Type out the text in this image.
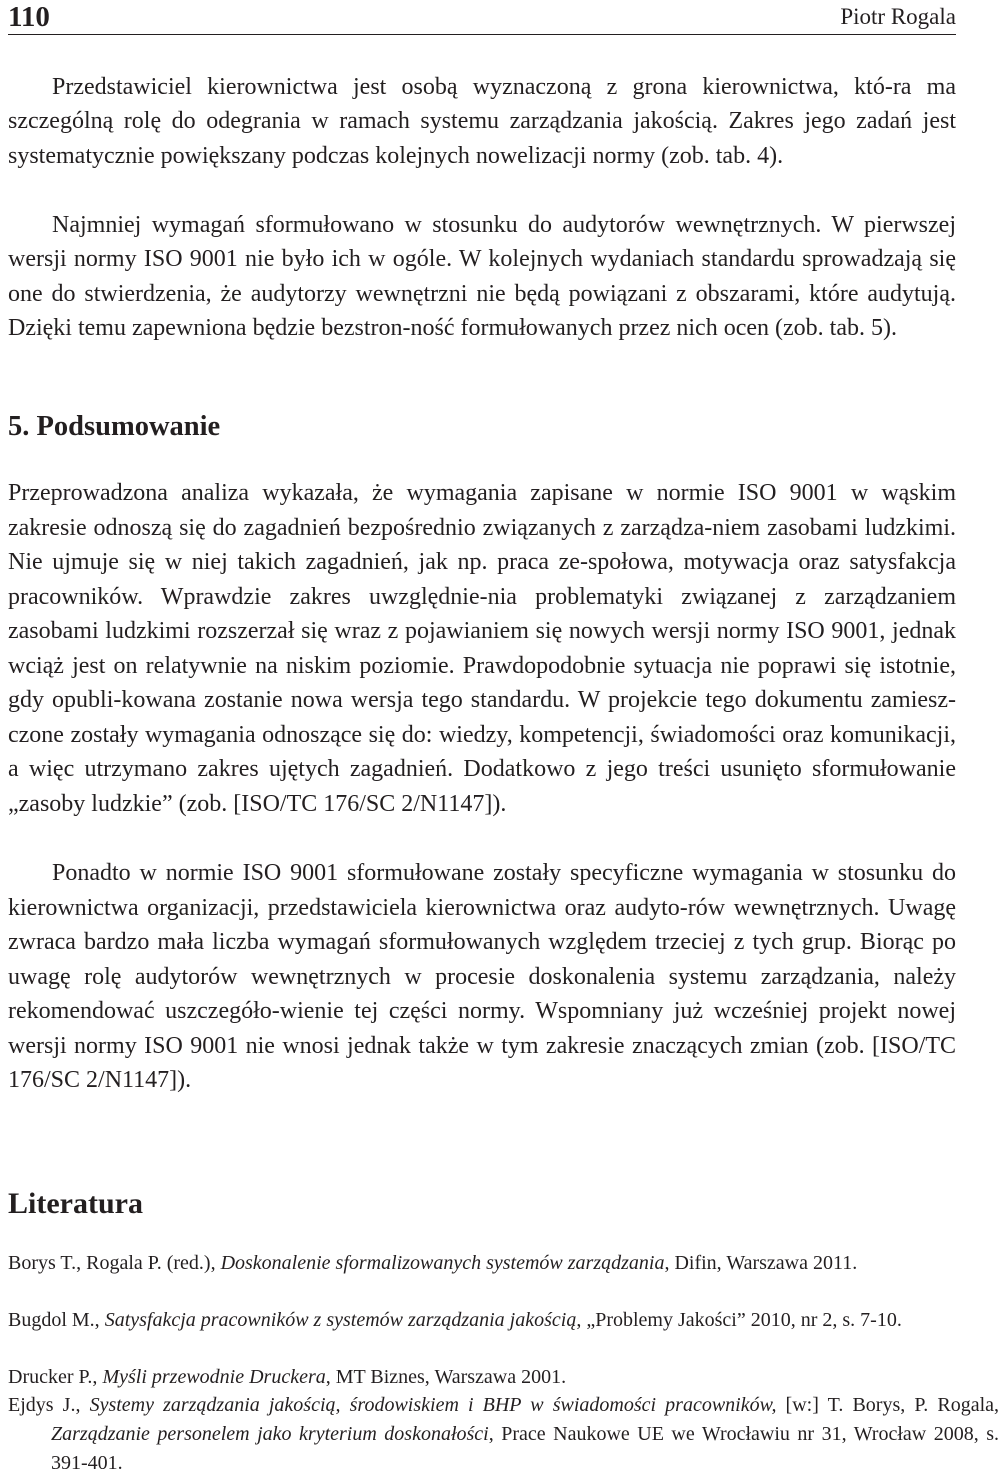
110	Piotr Rogala

Przedstawiciel kierownictwa jest osobą wyznaczoną z grona kierownictwa, któ-ra ma szczególną rolę do odegrania w ramach systemu zarządzania jakością. Zakres jego zadań jest systematycznie powiększany podczas kolejnych nowelizacji normy (zob. tab. 4).

Najmniej wymagań sformułowano w stosunku do audytorów wewnętrznych. W pierwszej wersji normy ISO 9001 nie było ich w ogóle. W kolejnych wydaniach standardu sprowadzają się one do stwierdzenia, że audytorzy wewnętrzni nie będą powiązani z obszarami, które audytują. Dzięki temu zapewniona będzie bezstron-ność formułowanych przez nich ocen (zob. tab. 5).

5. Podsumowanie

Przeprowadzona analiza wykazała, że wymagania zapisane w normie ISO 9001 w wąskim zakresie odnoszą się do zagadnień bezpośrednio związanych z zarządza-niem zasobami ludzkimi. Nie ujmuje się w niej takich zagadnień, jak np. praca ze-społowa, motywacja oraz satysfakcja pracowników. Wprawdzie zakres uwzględnie-nia problematyki związanej z zarządzaniem zasobami ludzkimi rozszerzał się wraz z pojawianiem się nowych wersji normy ISO 9001, jednak wciąż jest on relatywnie na niskim poziomie. Prawdopodobnie sytuacja nie poprawi się istotnie, gdy opubli-kowana zostanie nowa wersja tego standardu. W projekcie tego dokumentu zamiesz-czone zostały wymagania odnoszące się do: wiedzy, kompetencji, świadomości oraz komunikacji, a więc utrzymano zakres ujętych zagadnień. Dodatkowo z jego treści usunięto sformułowanie „zasoby ludzkie” (zob. [ISO/TC 176/SC 2/N1147]).

Ponadto w normie ISO 9001 sformułowane zostały specyficzne wymagania w stosunku do kierownictwa organizacji, przedstawiciela kierownictwa oraz audyto-rów wewnętrznych. Uwagę zwraca bardzo mała liczba wymagań sformułowanych względem trzeciej z tych grup. Biorąc po uwagę rolę audytorów wewnętrznych w procesie doskonalenia systemu zarządzania, należy rekomendować uszczegóło-wienie tej części normy. Wspomniany już wcześniej projekt nowej wersji normy ISO 9001 nie wnosi jednak także w tym zakresie znaczących zmian (zob. [ISO/TC 176/SC 2/N1147]).

Literatura

Borys T., Rogala P. (red.), Doskonalenie sformalizowanych systemów zarządzania, Difin, Warszawa 2011.

Bugdol M., Satysfakcja pracowników z systemów zarządzania jakością, „Problemy Jakości” 2010, nr 2, s. 7-10.

Drucker P., Myśli przewodnie Druckera, MT Biznes, Warszawa 2001.

Ejdys J., Systemy zarządzania jakością, środowiskiem i BHP w świadomości pracowników, [w:] T. Borys, P. Rogala, Zarządzanie personelem jako kryterium doskonałości, Prace Naukowe UE we Wrocławiu nr 31, Wrocław 2008, s. 391-401.
